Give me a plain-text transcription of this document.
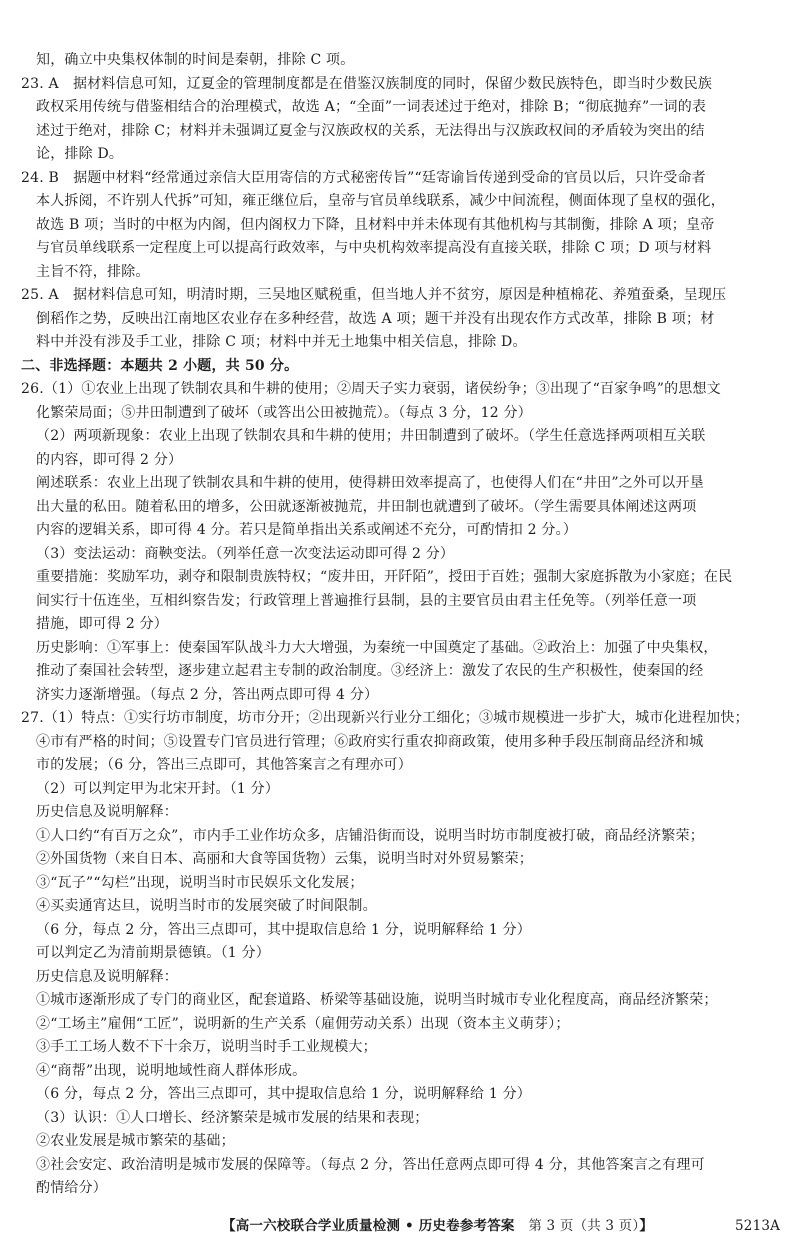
知，确立中央集权体制的时间是秦朝，排除 C 项。
23. A　据材料信息可知，辽夏金的管理制度都是在借鉴汉族制度的同时，保留少数民族特色，即当时少数民族
政权采用传统与借鉴相结合的治理模式，故选 A；“全面”一词表述过于绝对，排除 B；“彻底抛弃”一词的表
述过于绝对，排除 C；材料并未强调辽夏金与汉族政权的关系，无法得出与汉族政权间的矛盾较为突出的结
论，排除 D。
24. B　据题中材料“经常通过亲信大臣用寄信的方式秘密传旨”“廷寄谕旨传递到受命的官员以后，只许受命者
本人拆阅，不许别人代拆”可知，雍正继位后，皇帝与官员单线联系，减少中间流程，侧面体现了皇权的强化，
故选 B 项；当时的中枢为内阁，但内阁权力下降，且材料中并未体现有其他机构与其制衡，排除 A 项；皇帝
与官员单线联系一定程度上可以提高行政效率，与中央机构效率提高没有直接关联，排除 C 项；D 项与材料
主旨不符，排除。
25. A　据材料信息可知，明清时期，三吴地区赋税重，但当地人并不贫穷，原因是种植棉花、养殖蚕桑，呈现压
倒稻作之势，反映出江南地区农业存在多种经营，故选 A 项；题干并没有出现农作方式改革，排除 B 项；材
料中并没有涉及手工业，排除 C 项；材料中并无土地集中相关信息，排除 D。
二、非选择题：本题共 2 小题，共 50 分。
26.（1）①农业上出现了铁制农具和牛耕的使用；②周天子实力衰弱，诸侯纷争；③出现了“百家争鸣”的思想文
化繁荣局面；⑤井田制遭到了破坏（或答出公田被抛荒）。（每点 3 分，12 分）
（2）两项新现象：农业上出现了铁制农具和牛耕的使用；井田制遭到了破坏。（学生任意选择两项相互关联
的内容，即可得 2 分）
阐述联系：农业上出现了铁制农具和牛耕的使用，使得耕田效率提高了，也使得人们在“井田”之外可以开垦
出大量的私田。随着私田的增多，公田就逐渐被抛荒，井田制也就遭到了破坏。（学生需要具体阐述这两项
内容的逻辑关系，即可得 4 分。若只是简单指出关系或阐述不充分，可酌情扣 2 分。）
（3）变法运动：商鞅变法。（列举任意一次变法运动即可得 2 分）
重要措施：奖励军功，剥夺和限制贵族特权；“废井田，开阡陌”，授田于百姓；强制大家庭拆散为小家庭；在民
间实行十伍连坐，互相纠察告发；行政管理上普遍推行县制，县的主要官员由君主任免等。（列举任意一项
措施，即可得 2 分）
历史影响：①军事上：使秦国军队战斗力大大增强，为秦统一中国奠定了基础。②政治上：加强了中央集权，
推动了秦国社会转型，逐步建立起君主专制的政治制度。③经济上：激发了农民的生产积极性，使秦国的经
济实力逐渐增强。（每点 2 分，答出两点即可得 4 分）
27.（1）特点：①实行坊市制度，坊市分开；②出现新兴行业分工细化；③城市规模进一步扩大，城市化进程加快；
④市有严格的时间；⑤设置专门官员进行管理；⑥政府实行重农抑商政策，使用多种手段压制商品经济和城
市的发展；（6 分，答出三点即可，其他答案言之有理亦可）
（2）可以判定甲为北宋开封。（1 分）
历史信息及说明解释：
①人口约“有百万之众”，市内手工业作坊众多，店铺沿街而设，说明当时坊市制度被打破，商品经济繁荣；
②外国货物（来自日本、高丽和大食等国货物）云集，说明当时对外贸易繁荣；
③“瓦子”“勾栏”出现，说明当时市民娱乐文化发展；
④买卖通宵达旦，说明当时市的发展突破了时间限制。
（6 分，每点 2 分，答出三点即可，其中提取信息给 1 分，说明解释给 1 分）
可以判定乙为清前期景德镇。（1 分）
历史信息及说明解释：
①城市逐渐形成了专门的商业区，配套道路、桥梁等基础设施，说明当时城市专业化程度高，商品经济繁荣；
②“工场主”雇佣“工匠”，说明新的生产关系（雇佣劳动关系）出现（资本主义萌芽）；
③手工工场人数不下十余万，说明当时手工业规模大；
④“商帮”出现，说明地域性商人群体形成。
（6 分，每点 2 分，答出三点即可，其中提取信息给 1 分，说明解释给 1 分）
（3）认识：①人口增长、经济繁荣是城市发展的结果和表现；
②农业发展是城市繁荣的基础；
③社会安定、政治清明是城市发展的保障等。（每点 2 分，答出任意两点即可得 4 分，其他答案言之有理可
酌情给分）
【高一六校联合学业质量检测 • 历史卷参考答案　 第 3 页（共 3 页）】	5213A
